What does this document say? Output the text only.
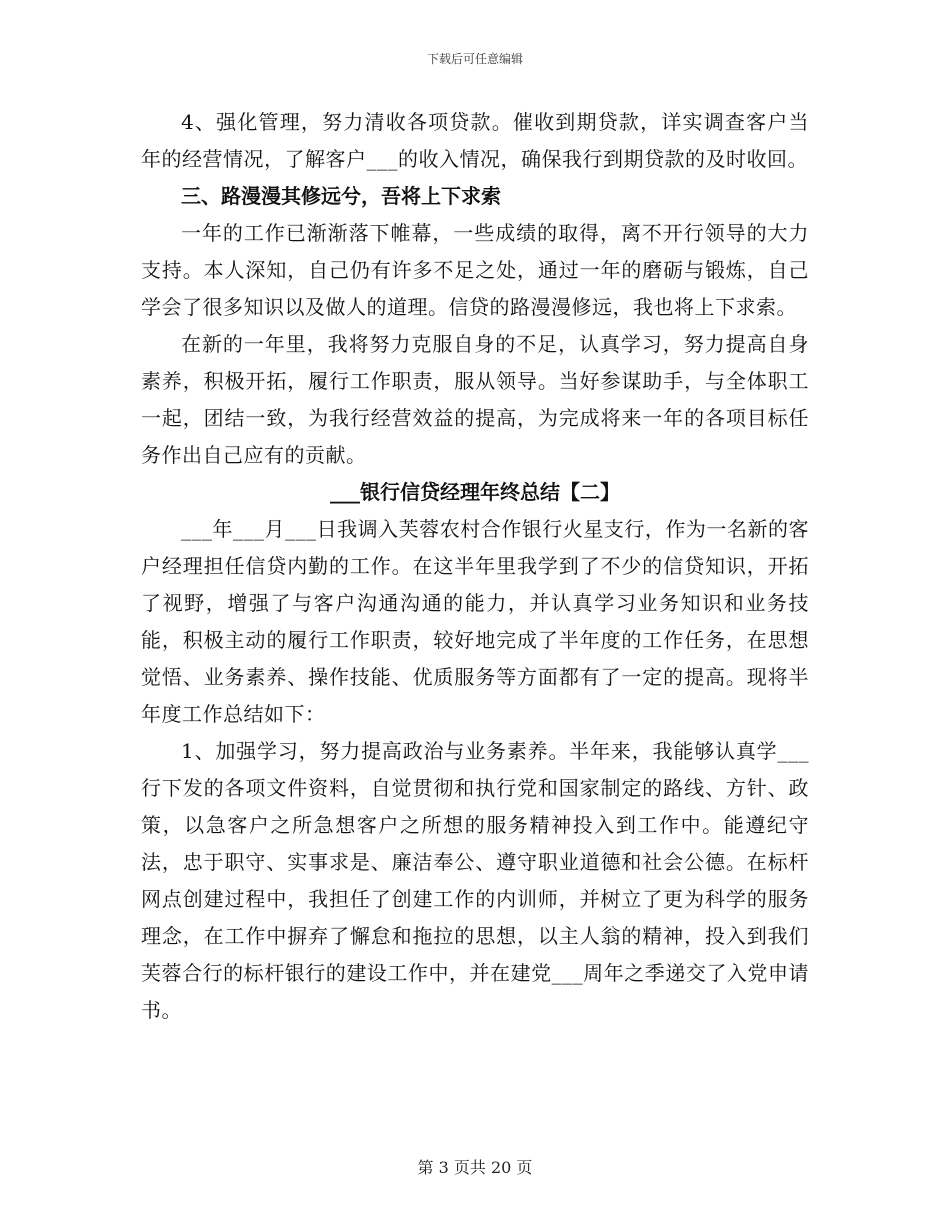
下载后可任意编辑

4、强化管理，努力清收各项贷款。催收到期贷款，详实调查客户当年的经营情况，了解客户___的收入情况，确保我行到期贷款的及时收回。

三、路漫漫其修远兮，吾将上下求索

一年的工作已渐渐落下帷幕，一些成绩的取得，离不开行领导的大力支持。本人深知，自己仍有许多不足之处，通过一年的磨砺与锻炼，自己学会了很多知识以及做人的道理。信贷的路漫漫修远，我也将上下求索。

在新的一年里，我将努力克服自身的不足，认真学习，努力提高自身素养，积极开拓，履行工作职责，服从领导。当好参谋助手，与全体职工一起，团结一致，为我行经营效益的提高，为完成将来一年的各项目标任务作出自己应有的贡献。

___银行信贷经理年终总结【二】

___年___月___日我调入芙蓉农村合作银行火星支行，作为一名新的客户经理担任信贷内勤的工作。在这半年里我学到了不少的信贷知识，开拓了视野，增强了与客户沟通沟通的能力，并认真学习业务知识和业务技能，积极主动的履行工作职责，较好地完成了半年度的工作任务，在思想觉悟、业务素养、操作技能、优质服务等方面都有了一定的提高。现将半年度工作总结如下：

1、加强学习，努力提高政治与业务素养。半年来，我能够认真学___行下发的各项文件资料，自觉贯彻和执行党和国家制定的路线、方针、政策，以急客户之所急想客户之所想的服务精神投入到工作中。能遵纪守法，忠于职守、实事求是、廉洁奉公、遵守职业道德和社会公德。在标杆网点创建过程中，我担任了创建工作的内训师，并树立了更为科学的服务理念，在工作中摒弃了懈怠和拖拉的思想，以主人翁的精神，投入到我们芙蓉合行的标杆银行的建设工作中，并在建党___周年之季递交了入党申请书。

第 3 页共 20 页
